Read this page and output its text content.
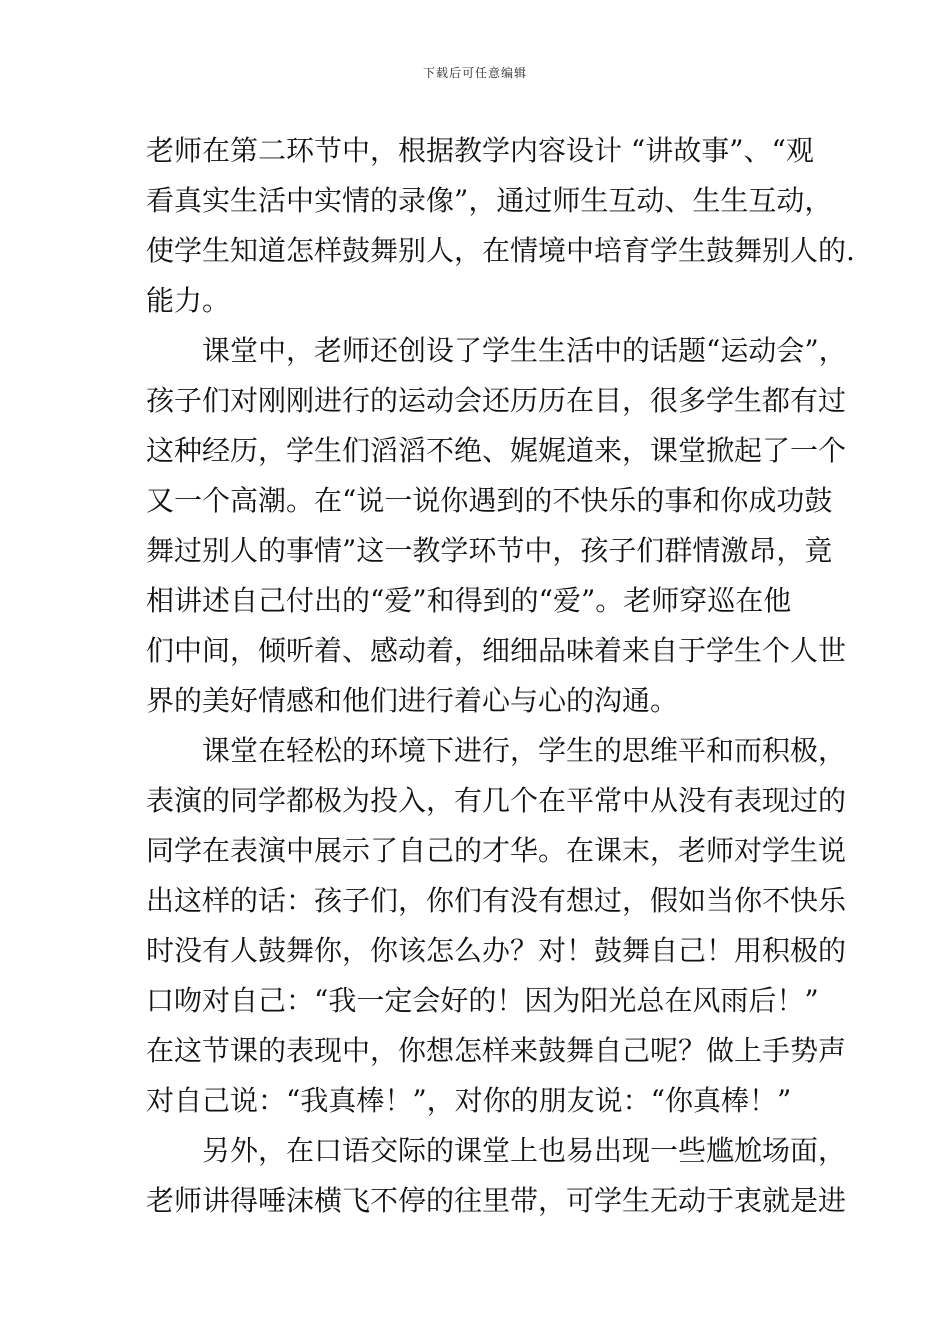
下载后可任意编辑
老师在第二环节中，根据教学内容设计 “讲故事”、“观
看真实生活中实情的录像”，通过师生互动、生生互动，
使学生知道怎样鼓舞别人，在情境中培育学生鼓舞别人的.
能力。
课堂中，老师还创设了学生生活中的话题“运动会”，
孩子们对刚刚进行的运动会还历历在目，很多学生都有过
这种经历，学生们滔滔不绝、娓娓道来，课堂掀起了一个
又一个高潮。在“说一说你遇到的不快乐的事和你成功鼓
舞过别人的事情”这一教学环节中，孩子们群情激昂，竟
相讲述自己付出的“爱”和得到的“爱”。老师穿巡在他
们中间，倾听着、感动着，细细品味着来自于学生个人世
界的美好情感和他们进行着心与心的沟通。
课堂在轻松的环境下进行，学生的思维平和而积极，
表演的同学都极为投入，有几个在平常中从没有表现过的
同学在表演中展示了自己的才华。在课末，老师对学生说
出这样的话：孩子们，你们有没有想过，假如当你不快乐
时没有人鼓舞你，你该怎么办？对！鼓舞自己！用积极的
口吻对自己：“我一定会好的！因为阳光总在风雨后！”
在这节课的表现中，你想怎样来鼓舞自己呢？做上手势声
对自己说：“我真棒！”，对你的朋友说：“你真棒！”
另外，在口语交际的课堂上也易出现一些尴尬场面，
老师讲得唾沫横飞不停的往里带，可学生无动于衷就是进
